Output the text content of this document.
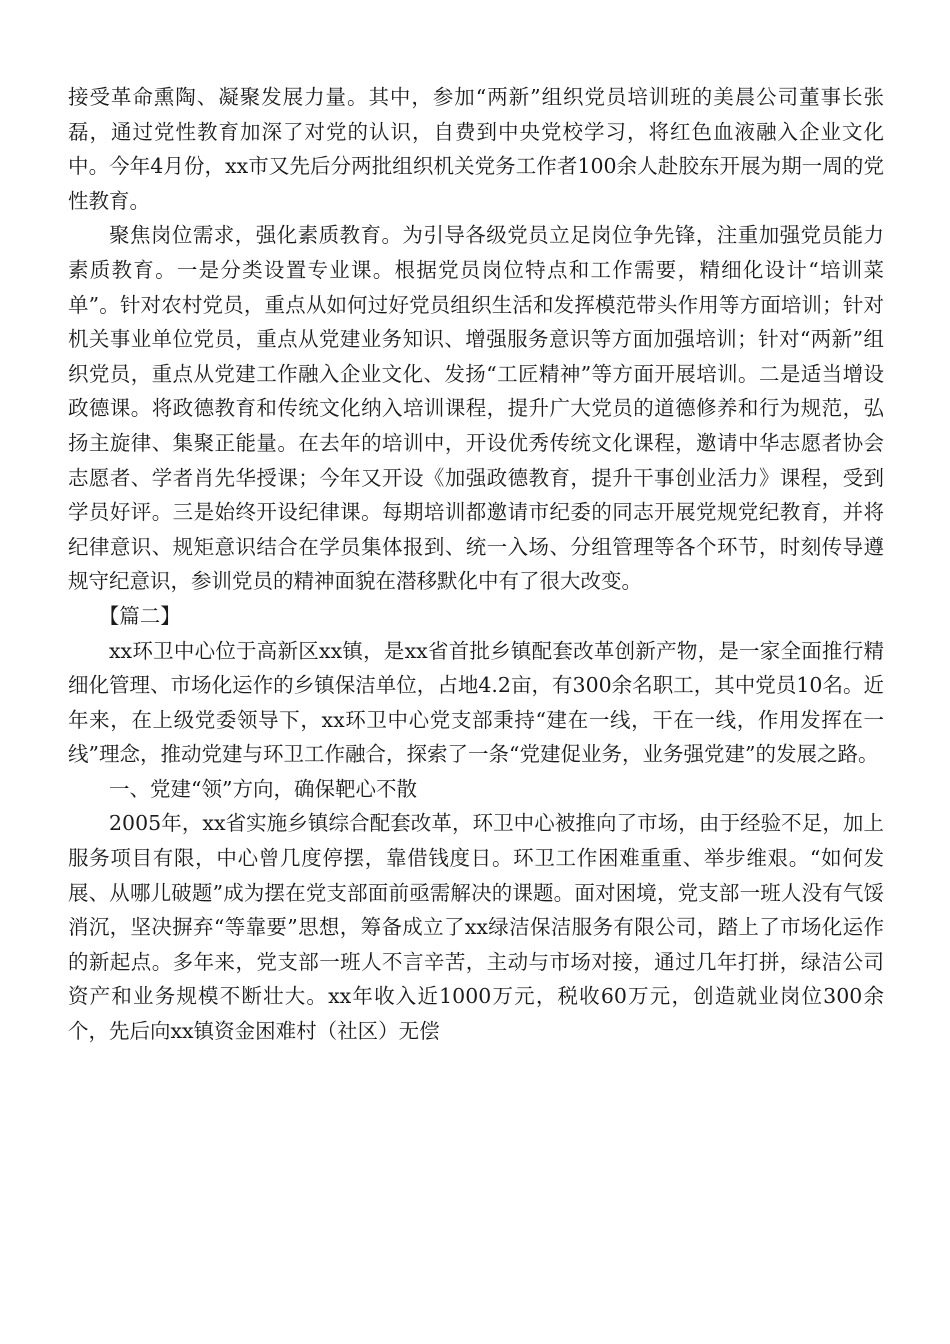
接受革命熏陶、凝聚发展力量。其中，参加“两新”组织党员培训班的美晨公司董事长张磊，通过党性教育加深了对党的认识，自费到中央党校学习，将红色血液融入企业文化中。今年4月份，xx市又先后分两批组织机关党务工作者100余人赴胶东开展为期一周的党性教育。

聚焦岗位需求，强化素质教育。为引导各级党员立足岗位争先锋，注重加强党员能力素质教育。一是分类设置专业课。根据党员岗位特点和工作需要，精细化设计“培训菜单”。针对农村党员，重点从如何过好党员组织生活和发挥模范带头作用等方面培训；针对机关事业单位党员，重点从党建业务知识、增强服务意识等方面加强培训；针对“两新”组织党员，重点从党建工作融入企业文化、发扬“工匠精神”等方面开展培训。二是适当增设政德课。将政德教育和传统文化纳入培训课程，提升广大党员的道德修养和行为规范，弘扬主旋律、集聚正能量。在去年的培训中，开设优秀传统文化课程，邀请中华志愿者协会志愿者、学者肖先华授课；今年又开设《加强政德教育，提升干事创业活力》课程，受到学员好评。三是始终开设纪律课。每期培训都邀请市纪委的同志开展党规党纪教育，并将纪律意识、规矩意识结合在学员集体报到、统一入场、分组管理等各个环节，时刻传导遵规守纪意识，参训党员的精神面貌在潜移默化中有了很大改变。

【篇二】

xx环卫中心位于高新区xx镇，是xx省首批乡镇配套改革创新产物，是一家全面推行精细化管理、市场化运作的乡镇保洁单位，占地4.2亩，有300余名职工，其中党员10名。近年来，在上级党委领导下，xx环卫中心党支部秉持“建在一线，干在一线，作用发挥在一线”理念，推动党建与环卫工作融合，探索了一条“党建促业务，业务强党建”的发展之路。

一、党建“领”方向，确保靶心不散

2005年，xx省实施乡镇综合配套改革，环卫中心被推向了市场，由于经验不足，加上服务项目有限，中心曾几度停摆，靠借钱度日。环卫工作困难重重、举步维艰。“如何发展、从哪儿破题”成为摆在党支部面前亟需解决的课题。面对困境，党支部一班人没有气馁消沉，坚决摒弃“等靠要”思想，筹备成立了xx绿洁保洁服务有限公司，踏上了市场化运作的新起点。多年来，党支部一班人不言辛苦，主动与市场对接，通过几年打拼，绿洁公司资产和业务规模不断壮大。xx年收入近1000万元，税收60万元，创造就业岗位300余个，先后向xx镇资金困难村（社区）无偿
